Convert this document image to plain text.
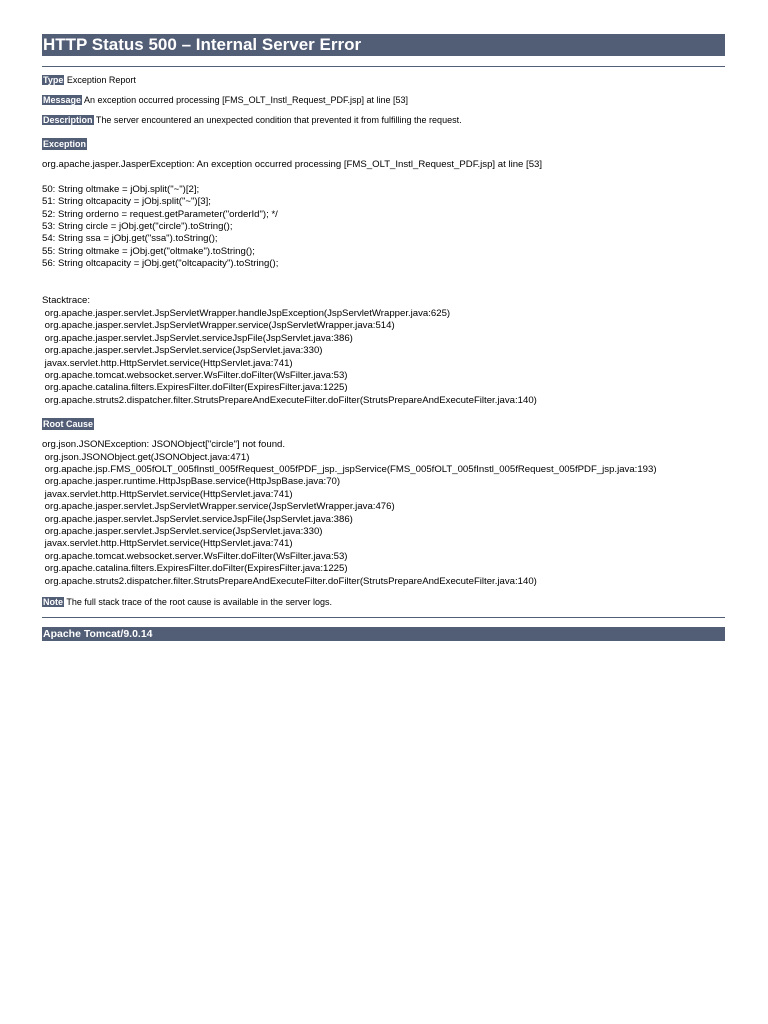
HTTP Status 500 – Internal Server Error

Type Exception Report

Message An exception occurred processing [FMS_OLT_Instl_Request_PDF.jsp] at line [53]

Description The server encountered an unexpected condition that prevented it from fulfilling the request.

Exception
org.apache.jasper.JasperException: An exception occurred processing [FMS_OLT_Instl_Request_PDF.jsp] at line [53]

50: String oltmake = jObj.split("~")[2];
51: String oltcapacity = jObj.split("~")[3];
52: String orderno = request.getParameter("orderId"); */
53: String circle = jObj.get("circle").toString();
54: String ssa = jObj.get("ssa").toString();
55: String oltmake = jObj.get("oltmake").toString();
56: String oltcapacity = jObj.get("oltcapacity").toString();

Stacktrace:
org.apache.jasper.servlet.JspServletWrapper.handleJspException(JspServletWrapper.java:625)
org.apache.jasper.servlet.JspServletWrapper.service(JspServletWrapper.java:514)
org.apache.jasper.servlet.JspServlet.serviceJspFile(JspServlet.java:386)
org.apache.jasper.servlet.JspServlet.service(JspServlet.java:330)
javax.servlet.http.HttpServlet.service(HttpServlet.java:741)
org.apache.tomcat.websocket.server.WsFilter.doFilter(WsFilter.java:53)
org.apache.catalina.filters.ExpiresFilter.doFilter(ExpiresFilter.java:1225)
org.apache.struts2.dispatcher.filter.StrutsPrepareAndExecuteFilter.doFilter(StrutsPrepareAndExecuteFilter.java:140)
Root Cause
org.json.JSONException: JSONObject["circle"] not found.
org.json.JSONObject.get(JSONObject.java:471)
org.apache.jsp.FMS_005fOLT_005fInstl_005fRequest_005fPDF_jsp._jspService(FMS_005fOLT_005fInstl_005fRequest_005fPDF_jsp.java:193)
org.apache.jasper.runtime.HttpJspBase.service(HttpJspBase.java:70)
javax.servlet.http.HttpServlet.service(HttpServlet.java:741)
org.apache.jasper.servlet.JspServletWrapper.service(JspServletWrapper.java:476)
org.apache.jasper.servlet.JspServlet.serviceJspFile(JspServlet.java:386)
org.apache.jasper.servlet.JspServlet.service(JspServlet.java:330)
javax.servlet.http.HttpServlet.service(HttpServlet.java:741)
org.apache.tomcat.websocket.server.WsFilter.doFilter(WsFilter.java:53)
org.apache.catalina.filters.ExpiresFilter.doFilter(ExpiresFilter.java:1225)
org.apache.struts2.dispatcher.filter.StrutsPrepareAndExecuteFilter.doFilter(StrutsPrepareAndExecuteFilter.java:140)

Note The full stack trace of the root cause is available in the server logs.

Apache Tomcat/9.0.14
